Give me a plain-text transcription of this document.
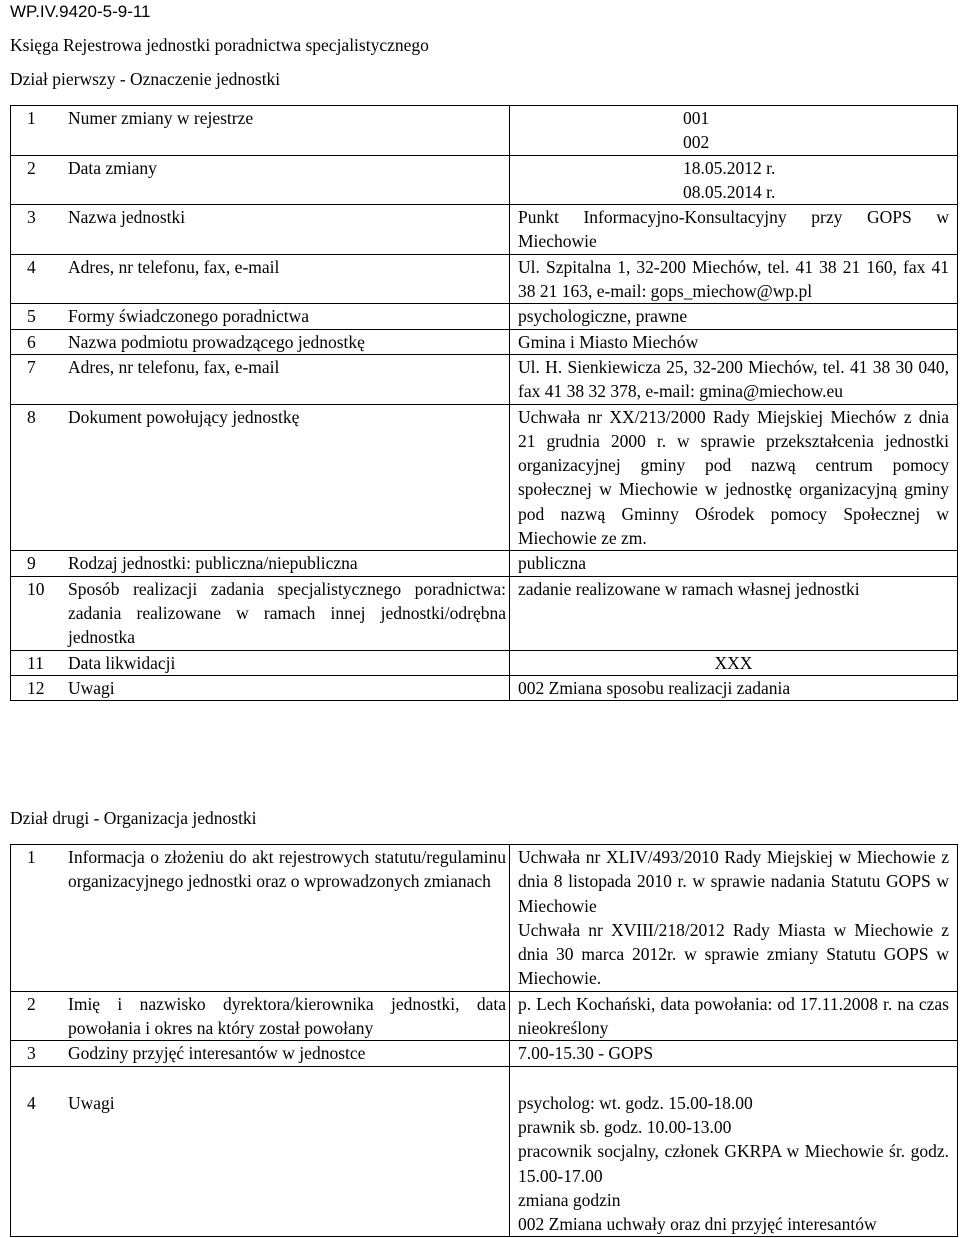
WP.IV.9420-5-9-11
Księga Rejestrowa jednostki poradnictwa specjalistycznego
Dział pierwszy - Oznaczenie jednostki
1	Numer zmiany w rejestrze	001
002

2	Data zmiany	18.05.2012 r.
08.05.2014 r.

3	Nazwa jednostki	Punkt Informacyjno-Konsultacyjny przy GOPS w Miechowie
4	Adres, nr telefonu, fax, e-mail	Ul. Szpitalna 1, 32-200 Miechów, tel. 41 38 21 160, fax 41 38 21 163, e-mail: gops_miechow@wp.pl
5	Formy świadczonego poradnictwa	psychologiczne, prawne
6	Nazwa podmiotu prowadzącego jednostkę	Gmina i Miasto Miechów
7	Adres, nr telefonu, fax, e-mail	Ul. H. Sienkiewicza 25, 32-200 Miechów, tel. 41 38 30 040, fax 41 38 32 378, e-mail: gmina@miechow.eu
8	Dokument powołujący jednostkę	Uchwała nr XX/213/2000 Rady Miejskiej Miechów z dnia 21 grudnia 2000 r. w sprawie przekształcenia jednostki organizacyjnej gminy pod nazwą centrum pomocy społecznej w Miechowie w jednostkę organizacyjną gminy pod nazwą Gminny Ośrodek pomocy Społecznej w Miechowie ze zm.
9	Rodzaj jednostki: publiczna/niepubliczna	publiczna
10	Sposób realizacji zadania specjalistycznego poradnictwa: zadania realizowane w ramach innej jednostki/odrębna jednostka	zadanie realizowane w ramach własnej jednostki
11	Data likwidacji	XXX
12	Uwagi	002 Zmiana sposobu realizacji zadania
Dział drugi - Organizacja jednostki
1	Informacja o złożeniu do akt rejestrowych statutu/regulaminu organizacyjnego jednostki oraz o wprowadzonych zmianach	Uchwała nr XLIV/493/2010 Rady Miejskiej w Miechowie z dnia 8 listopada 2010 r. w sprawie nadania Statutu GOPS w Miechowie
Uchwała nr XVIII/218/2012 Rady Miasta w Miechowie z dnia 30 marca 2012r. w sprawie zmiany Statutu GOPS w Miechowie.

2	Imię i nazwisko dyrektora/kierownika jednostki, data powołania i okres na który został powołany	p. Lech Kochański, data powołania: od 17.11.2008 r. na czas nieokreślony
3	Godziny przyjęć interesantów w jednostce	7.00-15.30 - GOPS
4	Uwagi	psycholog: wt. godz. 15.00-18.00
prawnik sb. godz. 10.00-13.00
pracownik socjalny, członek GKRPA w Miechowie śr. godz. 15.00-17.00
zmiana godzin
002 Zmiana uchwały oraz dni przyjęć interesantów
